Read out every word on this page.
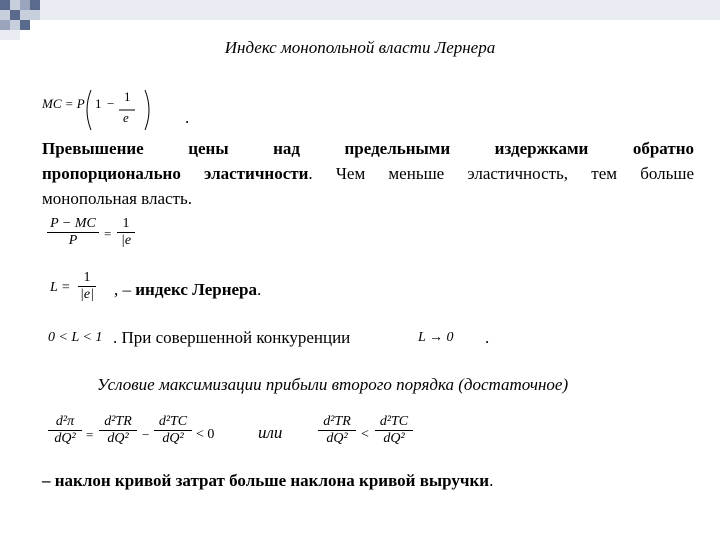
Индекс монопольной власти Лернера
MC = P 1 − 1
e	.
Превышение	цены	над	предельными	издержками	обратно
пропорционально эластичности. Чем меньше эластичность, тем больше
монопольная власть.
P − MC
P =
1
|e
L =
1
|e| , – индекс Лернера.
0 < L < 1 . При совершенной конкуренции	L → 0 .
Условие максимизации прибыли второго порядка (достаточное)
d²π
dQ² =
d²TR
dQ² −
d²TC
dQ² < 0	или
d²TR
dQ² <
d²TC
dQ²
– наклон кривой затрат больше наклона кривой выручки.
